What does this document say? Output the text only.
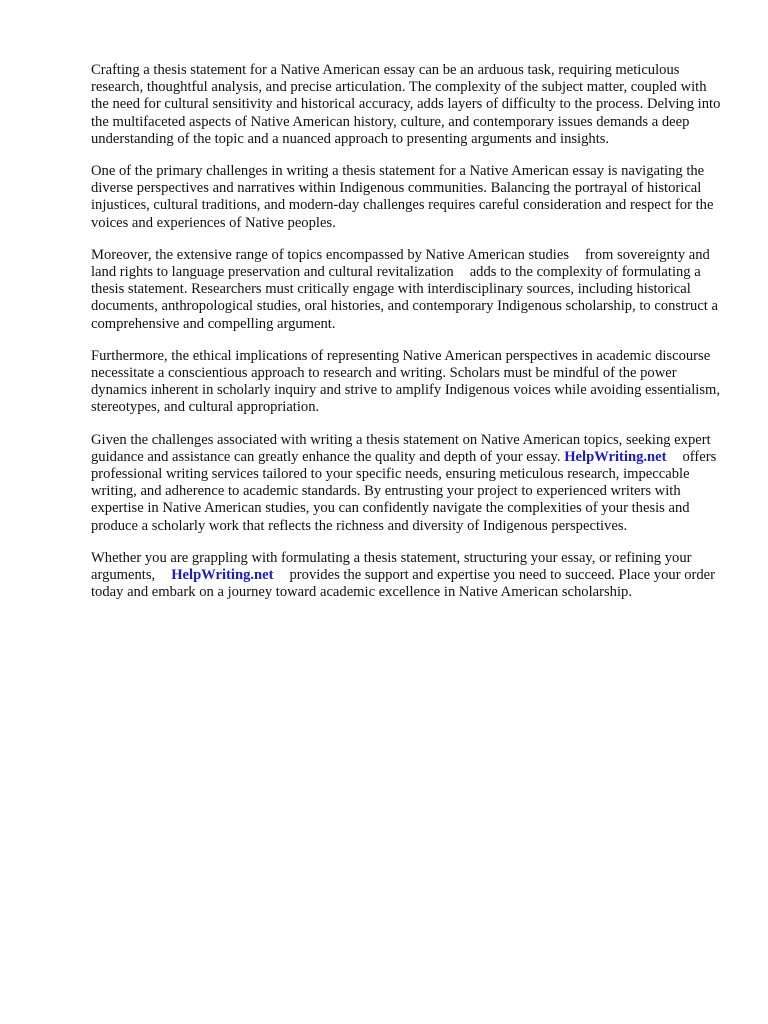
Crafting a thesis statement for a Native American essay can be an arduous task, requiring meticulous research, thoughtful analysis, and precise articulation. The complexity of the subject matter, coupled with the need for cultural sensitivity and historical accuracy, adds layers of difficulty to the process. Delving into the multifaceted aspects of Native American history, culture, and contemporary issues demands a deep understanding of the topic and a nuanced approach to presenting arguments and insights.

One of the primary challenges in writing a thesis statement for a Native American essay is navigating the diverse perspectives and narratives within Indigenous communities. Balancing the portrayal of historical injustices, cultural traditions, and modern-day challenges requires careful consideration and respect for the voices and experiences of Native peoples.

Moreover, the extensive range of topics encompassed by Native American studies from sovereignty and land rights to language preservation and cultural revitalization adds to the complexity of formulating a thesis statement. Researchers must critically engage with interdisciplinary sources, including historical documents, anthropological studies, oral histories, and contemporary Indigenous scholarship, to construct a comprehensive and compelling argument.

Furthermore, the ethical implications of representing Native American perspectives in academic discourse necessitate a conscientious approach to research and writing. Scholars must be mindful of the power dynamics inherent in scholarly inquiry and strive to amplify Indigenous voices while avoiding essentialism, stereotypes, and cultural appropriation.

Given the challenges associated with writing a thesis statement on Native American topics, seeking expert guidance and assistance can greatly enhance the quality and depth of your essay. HelpWriting.net offers professional writing services tailored to your specific needs, ensuring meticulous research, impeccable writing, and adherence to academic standards. By entrusting your project to experienced writers with expertise in Native American studies, you can confidently navigate the complexities of your thesis and produce a scholarly work that reflects the richness and diversity of Indigenous perspectives.

Whether you are grappling with formulating a thesis statement, structuring your essay, or refining your arguments, HelpWriting.net provides the support and expertise you need to succeed. Place your order today and embark on a journey toward academic excellence in Native American scholarship.
